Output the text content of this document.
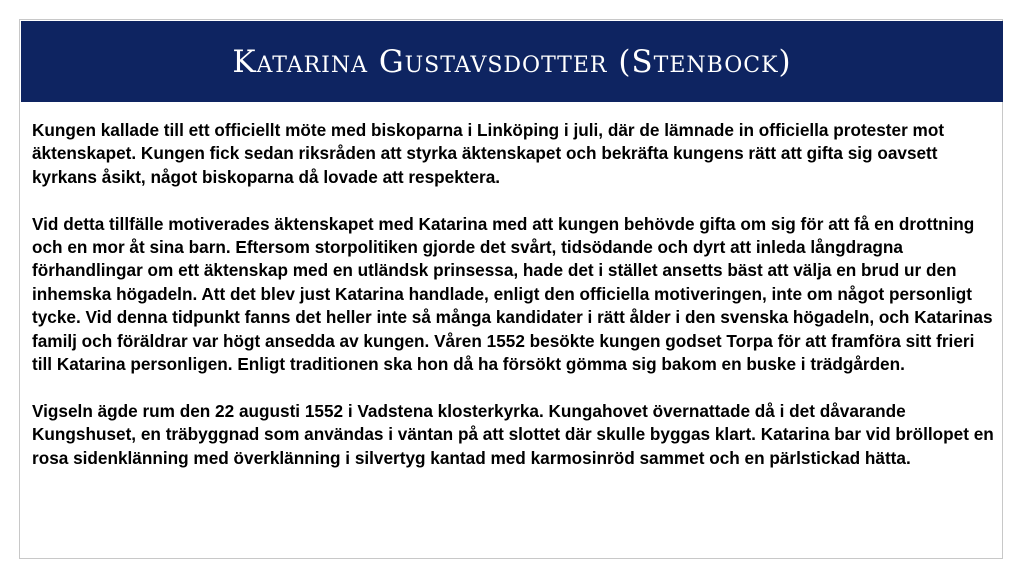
Katarina Gustavsdotter (Stenbock)

Kungen kallade till ett officiellt möte med biskoparna i Linköping i juli, där de lämnade in officiella protester mot äktenskapet. Kungen fick sedan riksråden att styrka äktenskapet och bekräfta kungens rätt att gifta sig oavsett kyrkans åsikt, något biskoparna då lovade att respektera.

Vid detta tillfälle motiverades äktenskapet med Katarina med att kungen behövde gifta om sig för att få en drottning och en mor åt sina barn. Eftersom storpolitiken gjorde det svårt, tidsödande och dyrt att inleda långdragna förhandlingar om ett äktenskap med en utländsk prinsessa, hade det i stället ansetts bäst att välja en brud ur den inhemska högadeln. Att det blev just Katarina handlade, enligt den officiella motiveringen, inte om något personligt tycke. Vid denna tidpunkt fanns det heller inte så många kandidater i rätt ålder i den svenska högadeln, och Katarinas familj och föräldrar var högt ansedda av kungen. Våren 1552 besökte kungen godset Torpa för att framföra sitt frieri till Katarina personligen. Enligt traditionen ska hon då ha försökt gömma sig bakom en buske i trädgården.

Vigseln ägde rum den 22 augusti 1552 i Vadstena klosterkyrka. Kungahovet övernattade då i det dåvarande Kungshuset, en träbyggnad som användas i väntan på att slottet där skulle byggas klart. Katarina bar vid bröllopet en rosa sidenklänning med överklänning i silvertyg kantad med karmosinröd sammet och en pärlstickad hätta.
